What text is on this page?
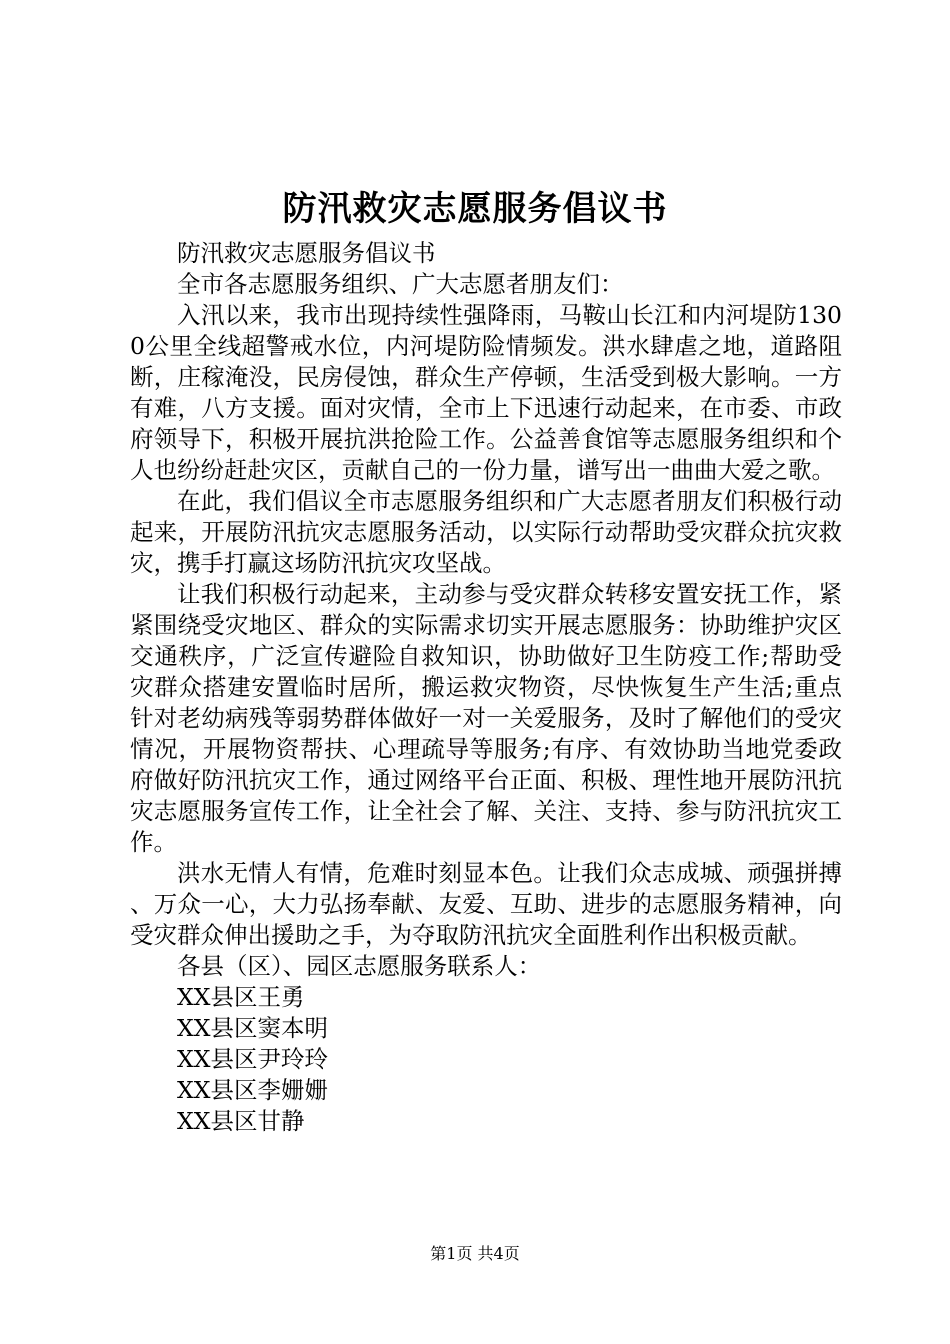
防汛救灾志愿服务倡议书

防汛救灾志愿服务倡议书

全市各志愿服务组织、广大志愿者朋友们：

入汛以来，我市出现持续性强降雨，马鞍山长江和内河堤防1300公里全线超警戒水位，内河堤防险情频发。洪水肆虐之地，道路阻断，庄稼淹没，民房侵蚀，群众生产停顿，生活受到极大影响。一方有难，八方支援。面对灾情，全市上下迅速行动起来，在市委、市政府领导下，积极开展抗洪抢险工作。公益善食馆等志愿服务组织和个人也纷纷赶赴灾区，贡献自己的一份力量，谱写出一曲曲大爱之歌。

在此，我们倡议全市志愿服务组织和广大志愿者朋友们积极行动起来，开展防汛抗灾志愿服务活动，以实际行动帮助受灾群众抗灾救灾，携手打赢这场防汛抗灾攻坚战。

让我们积极行动起来，主动参与受灾群众转移安置安抚工作，紧紧围绕受灾地区、群众的实际需求切实开展志愿服务：协助维护灾区交通秩序，广泛宣传避险自救知识，协助做好卫生防疫工作;帮助受灾群众搭建安置临时居所，搬运救灾物资，尽快恢复生产生活;重点针对老幼病残等弱势群体做好一对一关爱服务，及时了解他们的受灾情况，开展物资帮扶、心理疏导等服务;有序、有效协助当地党委政府做好防汛抗灾工作，通过网络平台正面、积极、理性地开展防汛抗灾志愿服务宣传工作，让全社会了解、关注、支持、参与防汛抗灾工作。

洪水无情人有情，危难时刻显本色。让我们众志成城、顽强拼搏、万众一心，大力弘扬奉献、友爱、互助、进步的志愿服务精神，向受灾群众伸出援助之手，为夺取防汛抗灾全面胜利作出积极贡献。

各县（区）、园区志愿服务联系人：

XX县区王勇

XX县区窦本明

XX县区尹玲玲

XX县区李姗姗

XX县区甘静

第1页 共4页
